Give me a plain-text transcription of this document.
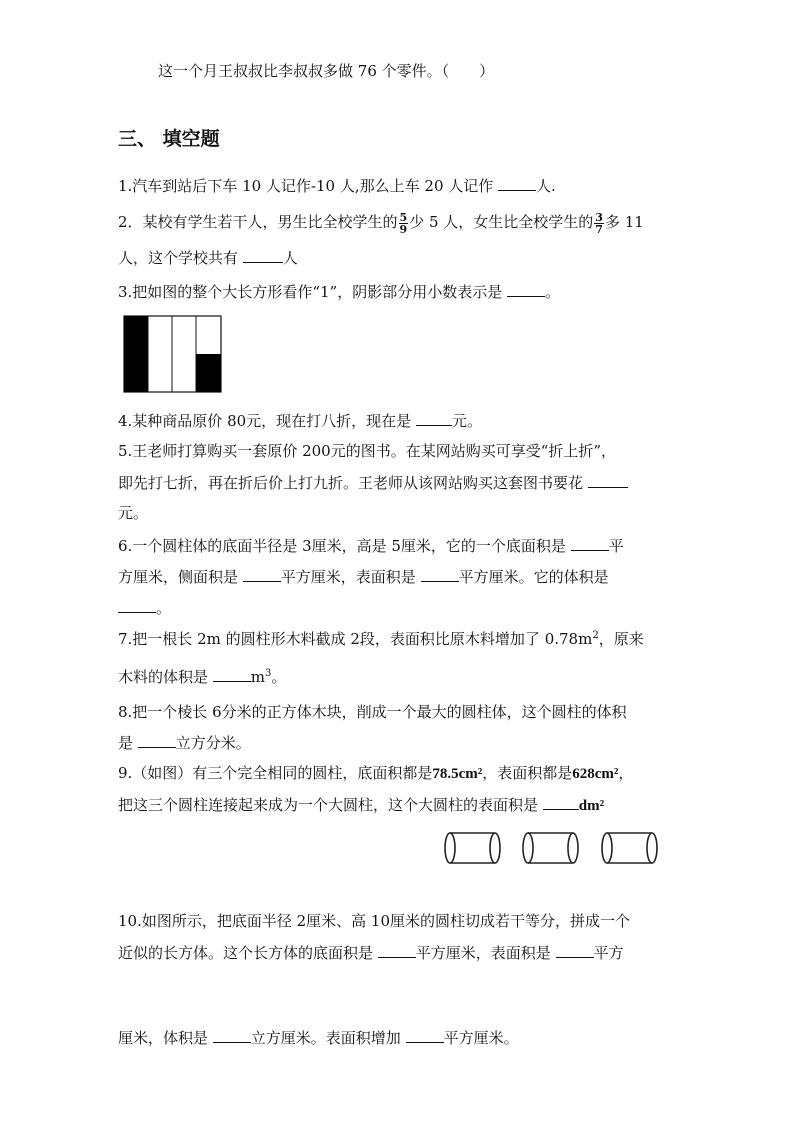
这一个月王叔叔比李叔叔多做 76 个零件。（　　）
三、 填空题
1.汽车到站后下车 10 人记作-10 人,那么上车 20 人记作	人.
2．某校有学生若干人，男生比全校学生的 $\frac{5}{9}$ 少 5 人，女生比全校学生的 $\frac{3}{7}$ 多 11
人，这个学校共有	人
3.把如图的整个大长方形看作“1”，阴影部分用小数表示是	。
4.某种商品原价 80元，现在打八折，现在是	元。
5.王老师打算购买一套原价 200元的图书。在某网站购买可享受“折上折”，
即先打七折，再在折后价上打九折。王老师从该网站购买这套图书要花
元。
6.一个圆柱体的底面半径是 3厘米，高是 5厘米，它的一个底面积是	平
方厘米，侧面积是	平方厘米，表面积是	平方厘米。它的体积是
。
7.把一根长 2m 的圆柱形木料截成 2段，表面积比原木料增加了 $0.78m^2$，原来
木料的体积是	$m^3$。
8.把一个棱长 6分米的正方体木块，削成一个最大的圆柱体，这个圆柱的体积
是	立方分米。
9.（如图）有三个完全相同的圆柱，底面积都是78.5cm²，表面积都是628cm²，
把这三个圆柱连接起来成为一个大圆柱，这个大圆柱的表面积是	dm²
10.如图所示，把底面半径 2厘米、高 10厘米的圆柱切成若干等分，拼成一个
近似的长方体。这个长方体的底面积是	平方厘米，表面积是	平方
厘米，体积是	立方厘米。表面积增加	平方厘米。
